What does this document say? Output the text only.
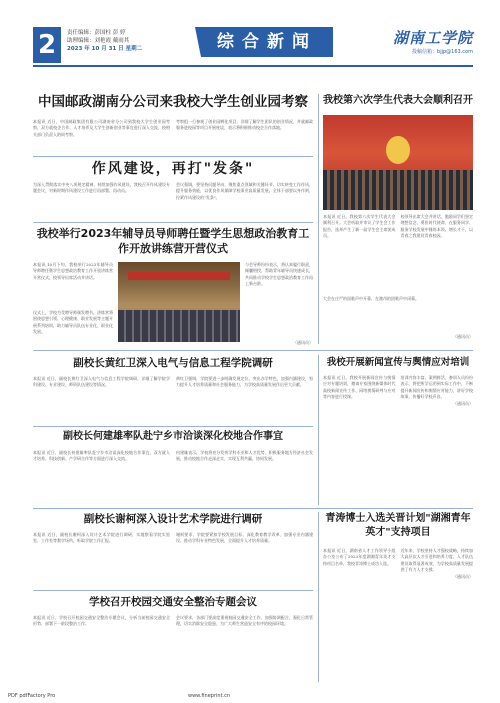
2	责任编辑：彭国柱 彭 婷
助理编辑：刘艳霞 戴雨其
2023 年 10 月 31 日 星期二	综合新闻	湖南工学院
投稿信箱：bjjp@163.com
中国邮政湖南分公司来我校大学生创业园考察

本报讯 近日，中国邮政集团有限公司湖南省分公司到我校大学生创业园考察，双方就校企合作、人才培养及大学生创新创业等事宜进行深入交流，校相关部门负责人陪同考察。

考察组一行参观了创业园孵化项目，详细了解学生团队的创业情况，并就邮政服务进校园等项目开展座谈，表示将积极推动校企合作落地。

作风建设，再打"发条"

为深入贯彻落实中央八项规定精神，持续加强作风建设，我校召开作风建设专题会议，对新时期作风建设工作进行再部署、再动员。

会议强调，要坚持问题导向，聚焦重点领域和关键环节，切实转变工作作风，提升服务效能，以优良作风保障学校事业高质量发展。全体干部要以身作则，拧紧作风建设的"发条"。

我校举行2023年辅导员导师聘任暨学生思想政治教育工作开放讲练营开营仪式

本报讯 10月下旬，我校举行2023年辅导员导师聘任暨学生思想政治教育工作开放讲练营开营仪式，校领导出席活动并讲话。

仪式上，学校为受聘导师颁发聘书。讲练营将围绕思想引领、心理健康、职业发展等主题开展系列培训，助力辅导员队伍专业化、职业化发展。

与会导师纷纷表示，将认真履行职责，倾囊相授，帮助青年辅导员快速成长，共同推动学校学生思想政治教育工作再上新台阶。

（通讯员）
我校第六次学生代表大会顺利召开

本报讯 近日，我校第六次学生代表大会顺利召开。大会听取并审议了学生会工作报告，选举产生了新一届学生会主席团成员。

校领导出席大会并讲话，勉励同学们坚定理想信念，勇担时代使命，在服务同学、服务学校发展中锤炼本领、增长才干，以青春之我建设青春校园。

大会在庄严的国歌声中开幕，在激昂的团歌声中闭幕。

（通讯员）
副校长黄红卫深入电气与信息工程学院调研

本报讯 近日，副校长黄红卫深入电气与信息工程学院调研，详细了解学院学科建设、专业建设、师资队伍建设等情况。

黄红卫强调，学院要进一步明确发展定位，突出办学特色，加强内涵建设，努力提升人才培养质量和社会服务能力，为学校高质量发展作出更大贡献。

我校开展新闻宣传与舆情应对培训

本报讯 近日，我校开展新闻宣传与舆情应对专题培训，邀请专家围绕新媒体时代高校新闻宣传工作、网络舆情研判与应对等内容进行授课。

培训内容丰富、案例鲜活，参训人员纷纷表示，将把所学运用到实际工作中，不断提升新闻宣传和舆情应对能力，讲好学校故事，传播好学校声音。

（通讯员）
副校长何建雄率队赴宁乡市洽谈深化校地合作事宜

本报讯 近日，副校长何建雄率队赴宁乡市洽谈深化校地合作事宜，双方就人才培养、科技创新、产学研合作等方面进行深入交流。

何建雄表示，学校将充分发挥学科专业和人才优势，积极服务地方经济社会发展，推动校地合作走深走实，实现互利共赢、协同发展。

副校长谢柯深入设计艺术学院进行调研

本报讯 近日，副校长谢柯深入设计艺术学院进行调研，实地察看学院实验室、工作室等教学场所，听取学院工作汇报。

谢柯要求，学院要紧扣学校发展目标，深化教育教学改革，加强专业内涵建设，推动学科专业特色发展，全面提升人才培养质量。

青涛博士入选关晋计划"湖湘青年英才"支持项目

本报讯 近日，湖南省人才工作领导小组办公室公布了2023年度湖湘青年英才支持项目名单，我校青涛博士成功入选。

近年来，学校坚持人才强校战略，持续加大高层次人才引进和培养力度，人才队伍建设取得显著成效，为学校高质量发展提供了有力人才支撑。

（通讯员）
学校召开校园交通安全整治专题会议

本报讯 近日，学校召开校园交通安全整治专题会议，分析当前校园交通安全形势，部署下一阶段整治工作。

会议要求，各部门要高度重视校园交通安全工作，加强协调配合，强化日常管理，切实消除安全隐患，为广大师生营造安全有序的校园环境。

PDF pdfFactory Pro	www.fineprint.cn
